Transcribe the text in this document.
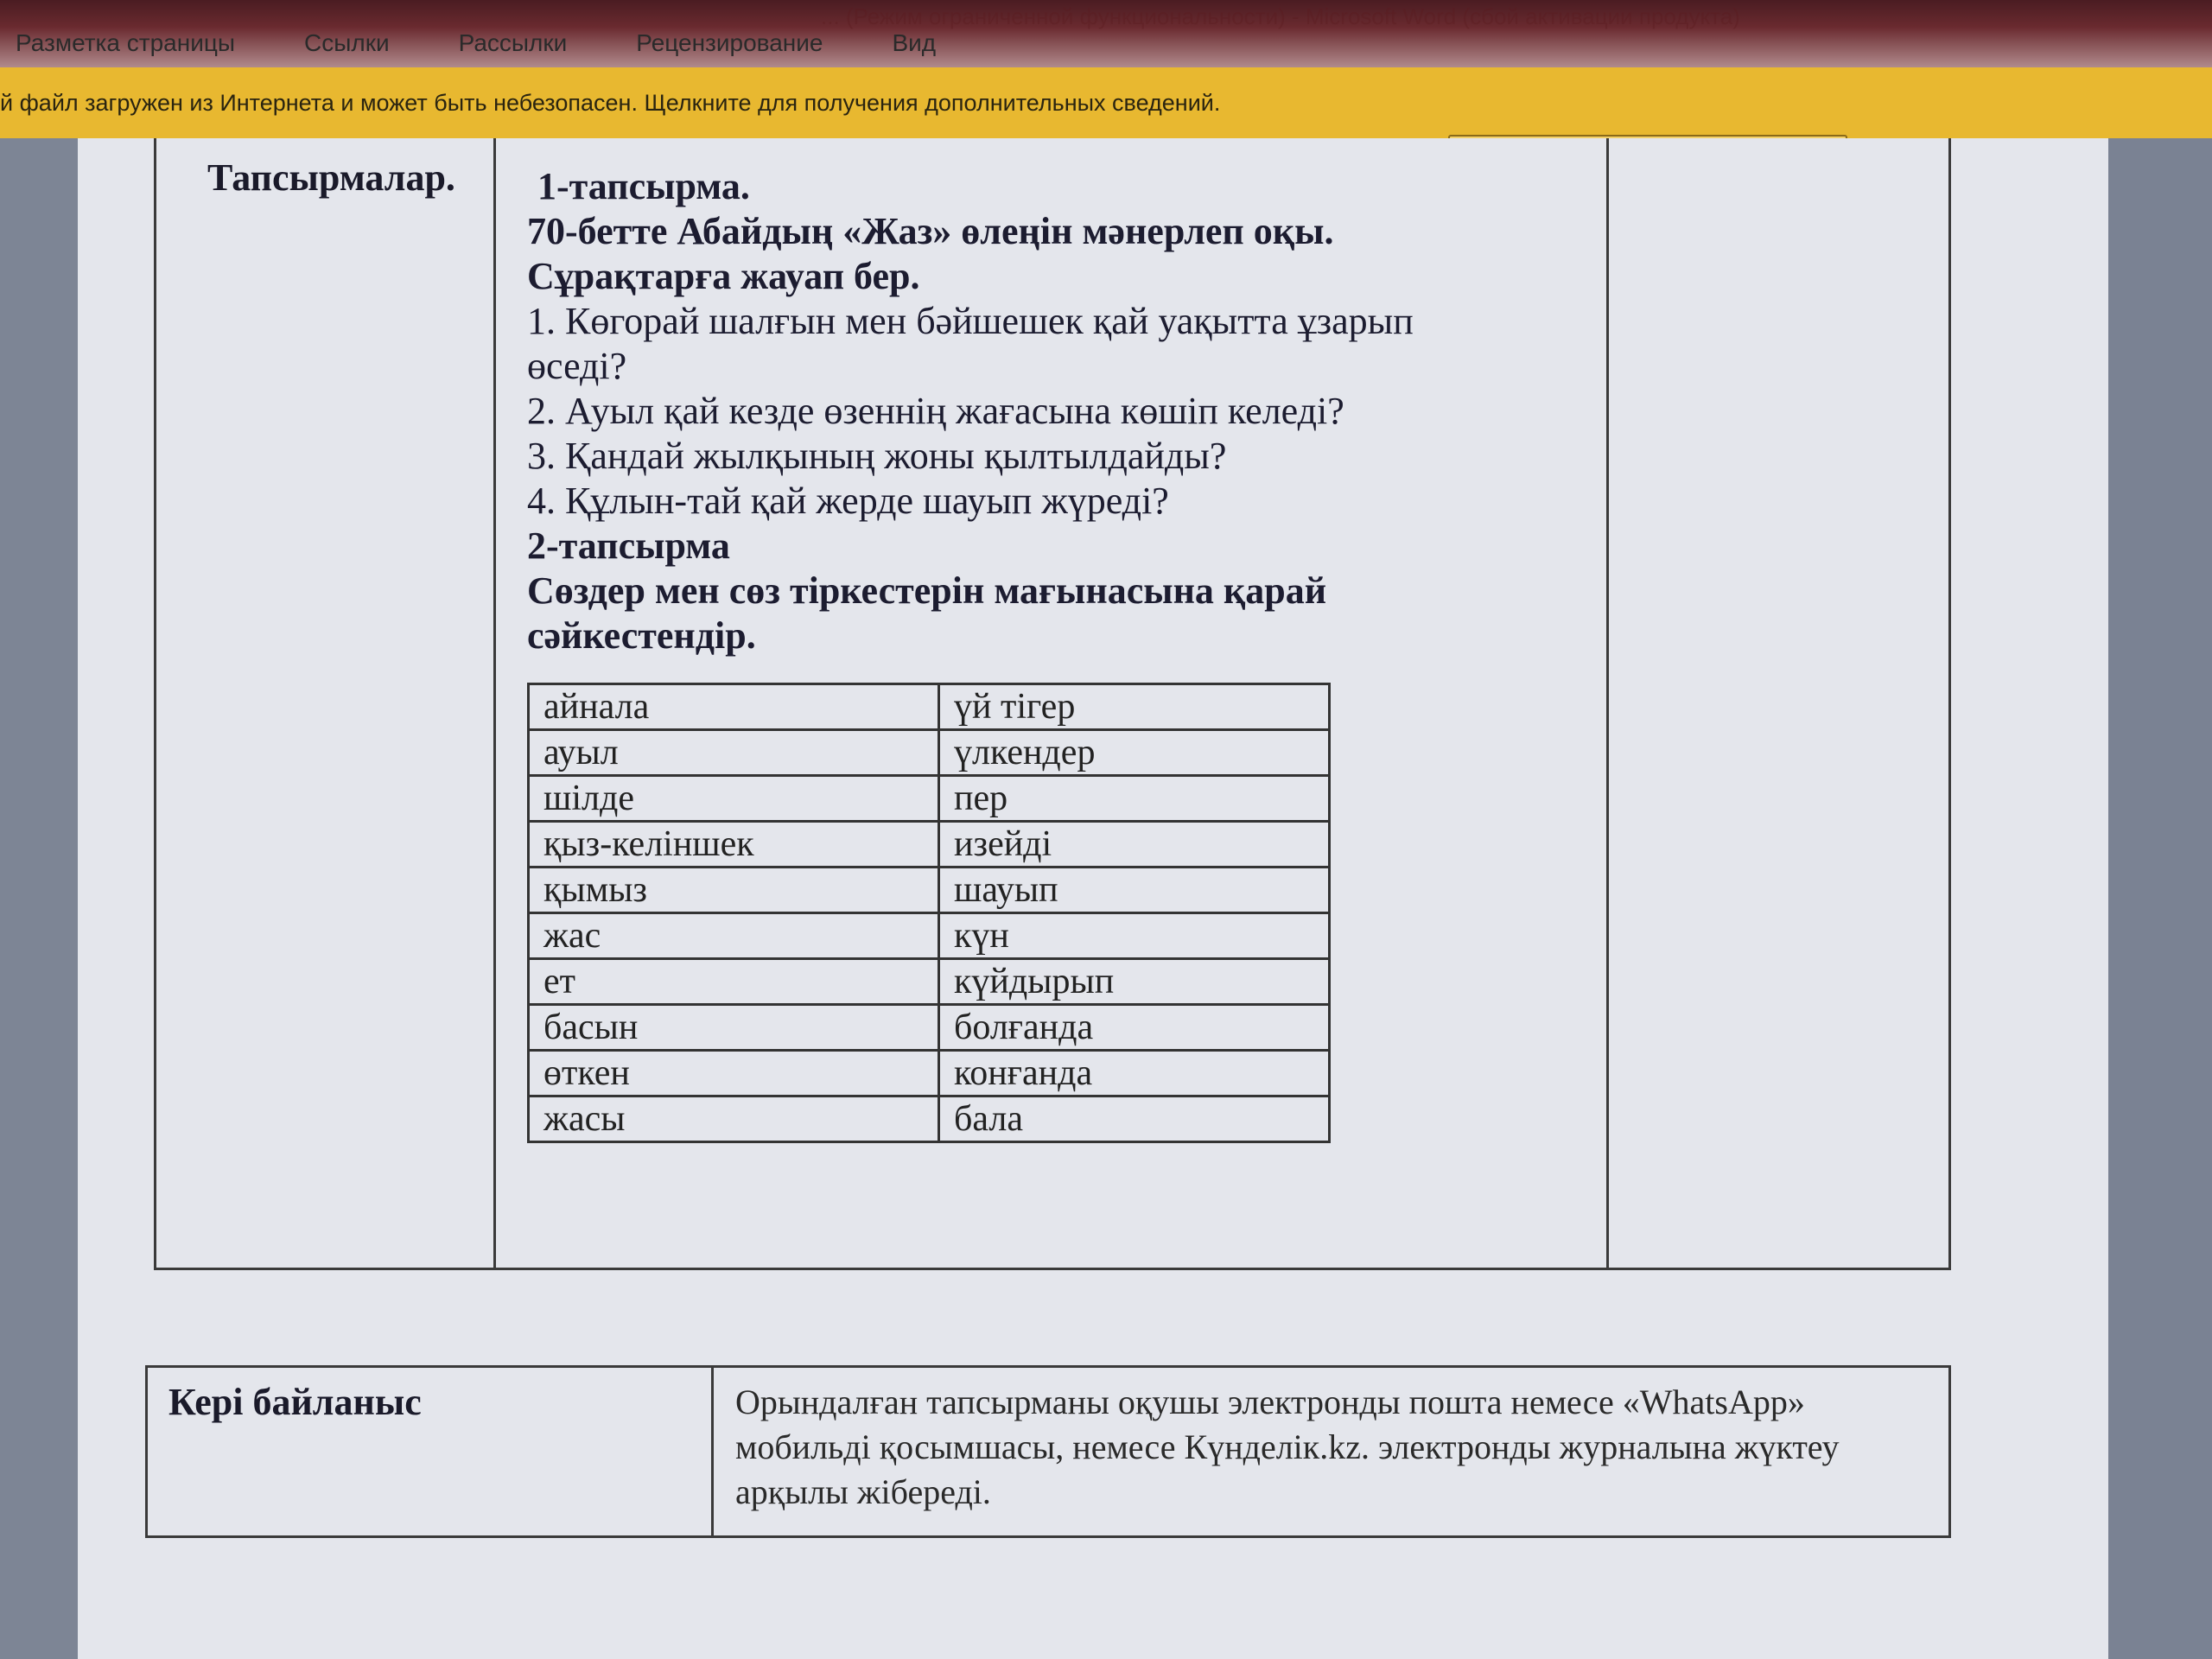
Разметка страницы	Ссылки	Рассылки	Рецензирование	Вид
... (Режим ограниченной функциональности) - Microsoft Word (сбой активации продукта)
й файл загружен из Интернета и может быть небезопасен. Щелкните для получения дополнительных сведений.
Тапсырмалар. 1-тапсырма.

70-бетте Абайдың «Жаз» өлеңін мәнерлеп оқы.

Сұрақтарға жауап бер.

1. Көгорай шалғын мен бәйшешек қай уақытта ұзарып

өседі?

2. Ауыл қай кезде өзеннің жағасына көшіп келеді?

3. Қандай жылқының жоны қылтылдайды?

4. Құлын-тай қай жерде шауып жүреді?

2-тапсырма

Сөздер мен сөз тіркестерін мағынасына қарай сәйкестендір.

айнала	үй тігер
ауыл	үлкендер
шілде	пер
қыз-келіншек	изейді
қымыз	шауып
жас	күн
ет	күйдырып
басын	болғанда
өткен	конғанда
жасы	бала
Кері байланыс	Орындалған тапсырманы оқушы электронды пошта немесе «WhatsApp» мобильді қосымшасы, немесе Күнделік.kz. электронды журналына жүктеу арқылы жібереді.
